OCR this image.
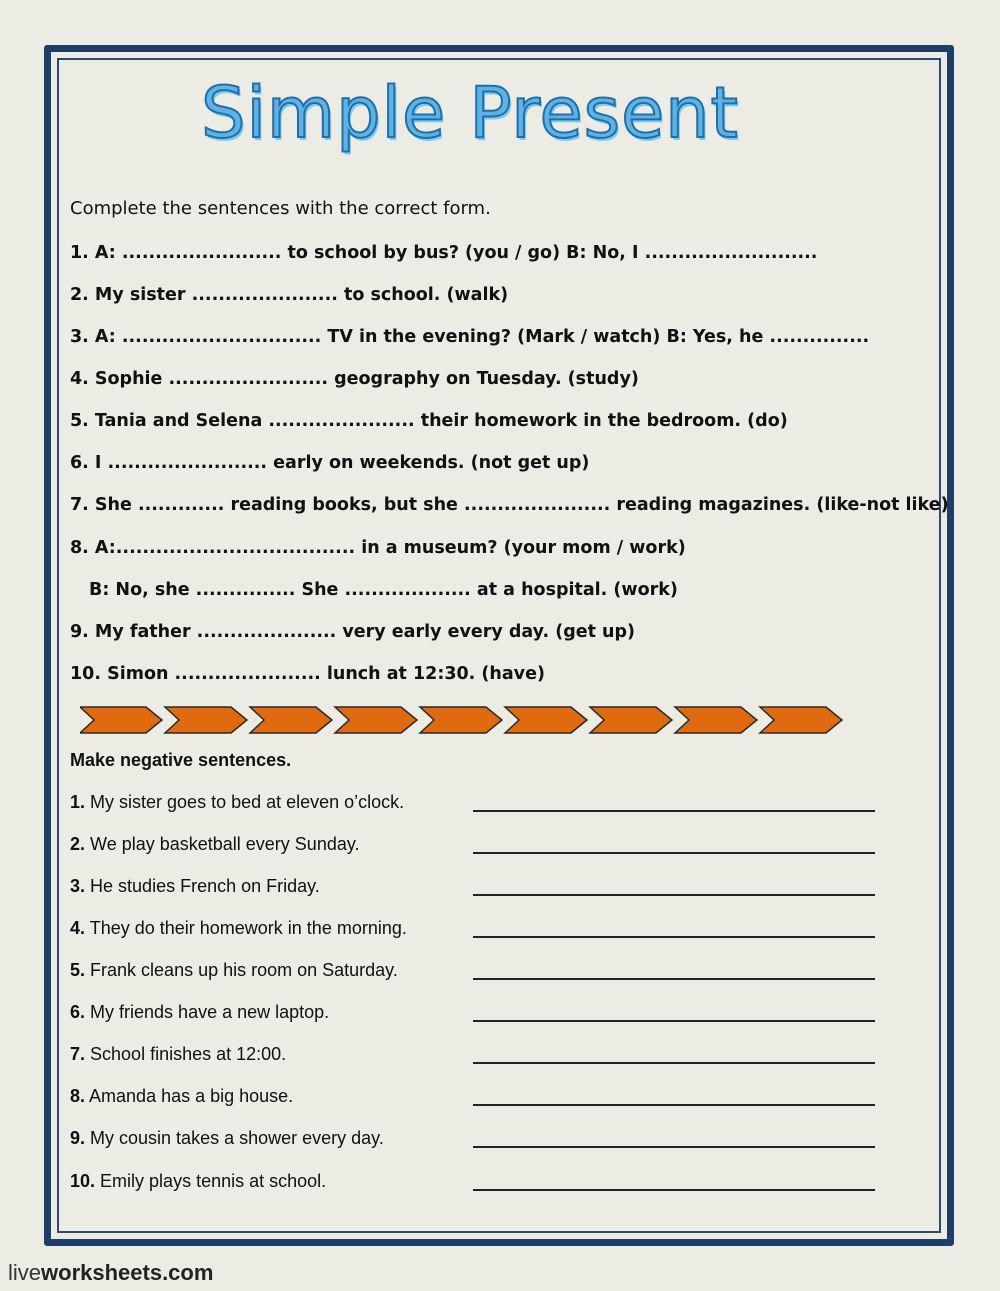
Simple Present
Complete the sentences with the correct form.
1. A: ........................ to school by bus? (you / go) B: No, I ..........................
2. My sister ...................... to school. (walk)
3. A: .............................. TV in the evening? (Mark / watch) B: Yes, he ...............
4. Sophie ........................ geography on Tuesday. (study)
5. Tania and Selena ...................... their homework in the bedroom. (do)
6. I ........................ early on weekends. (not get up)
7. She ............. reading books, but she ...................... reading magazines. (like-not like)
8. A:.................................... in a museum? (your mom / work)
B: No, she ............... She ................... at a hospital. (work)
9. My father ..................... very early every day. (get up)
10. Simon ...................... lunch at 12:30. (have)
Make negative sentences.
1. My sister goes to bed at eleven o’clock.
2. We play basketball every Sunday.
3. He studies French on Friday.
4. They do their homework in the morning.
5. Frank cleans up his room on Saturday.
6. My friends have a new laptop.
7. School finishes at 12:00.
8. Amanda has a big house.
9. My cousin takes a shower every day.
10. Emily plays tennis at school.
liveworksheets.com
